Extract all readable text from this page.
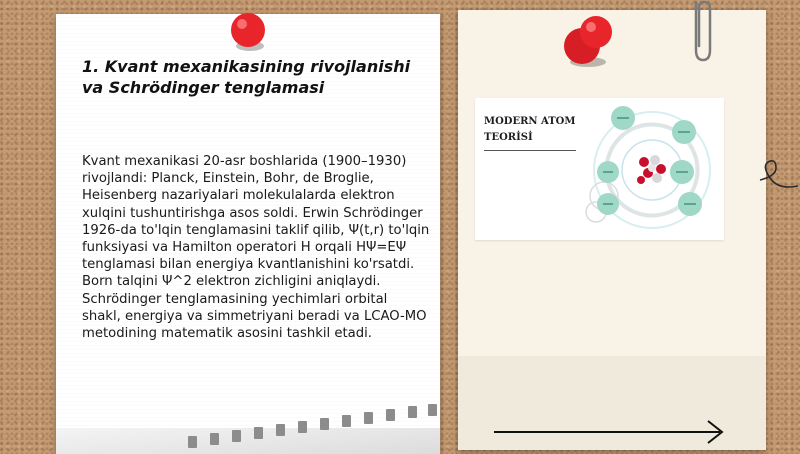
1. Kvant mexanikasining rivojlanishi
va Schrödinger tenglamasi
Kvant mexanikasi 20-asr boshlarida (1900–1930) rivojlandi: Planck, Einstein, Bohr, de Broglie, Heisenberg nazariyalari molekulalarda elektron xulqini tushuntirishga asos soldi. Erwin Schrödinger 1926-da to'lqin tenglamasini taklif qilib, Ψ(t,r) to'lqin funksiyasi va Hamilton operatori H orqali HΨ=EΨ tenglamasi bilan energiya kvantlanishini ko'rsatdi. Born talqini Ψ^2 elektron zichligini aniqlaydi. Schrödinger tenglamasining yechimlari orbital shakl, energiya va simmetriyani beradi va LCAO-MO metodining matematik asosini tashkil etadi.
MODERN ATOM
TEORİSİ
